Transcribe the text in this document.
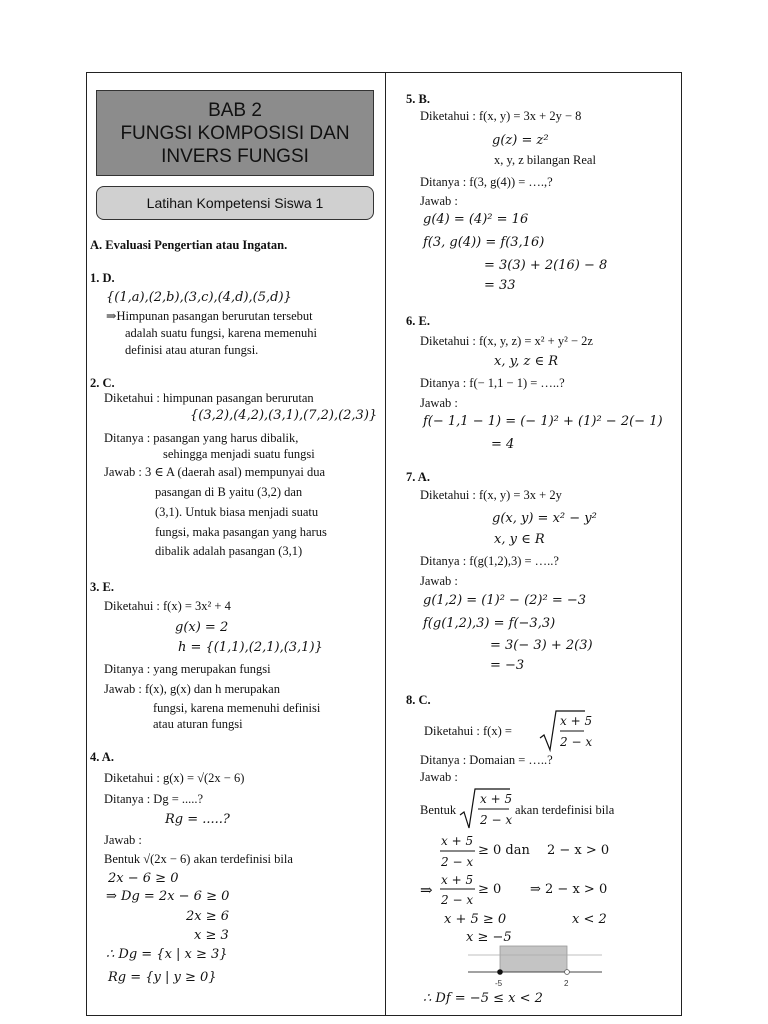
BAB 2
FUNGSI KOMPOSISI DAN
INVERS FUNGSI
Latihan Kompetensi Siswa 1
A. Evaluasi Pengertian atau Ingatan.
1. D.
{(1,a),(2,b),(3,c),(4,d),(5,d)}
⇒Himpunan pasangan berurutan tersebut
adalah suatu fungsi, karena memenuhi
definisi atau aturan fungsi.
2. C.
Diketahui : himpunan pasangan berurutan
{(3,2),(4,2),(3,1),(7,2),(2,3)}
Ditanya : pasangan yang harus dibalik,
sehingga menjadi suatu fungsi
Jawab : 3 ∈ A (daerah asal) mempunyai dua
pasangan di B yaitu (3,2) dan
(3,1). Untuk biasa menjadi suatu
fungsi, maka pasangan yang harus
dibalik adalah pasangan (3,1)
3. E.
Diketahui : f(x) = 3x² + 4
g(x) = 2
h = {(1,1),(2,1),(3,1)}
Ditanya : yang merupakan fungsi
Jawab : f(x), g(x) dan h merupakan
fungsi, karena memenuhi definisi
atau aturan fungsi
4. A.
Diketahui : g(x) = √(2x − 6)
Ditanya : Dg = .....?
Rg = .....?
Jawab :
Bentuk √(2x − 6) akan terdefinisi bila
2x − 6 ≥ 0
⇒ Dg = 2x − 6 ≥ 0
2x ≥ 6
x ≥ 3
∴ Dg = {x | x ≥ 3}
Rg = {y | y ≥ 0}
5. B.
Diketahui : f(x, y) = 3x + 2y − 8
g(z) = z²
x, y, z bilangan Real
Ditanya : f(3, g(4)) = ….,?
Jawab :
g(4) = (4)² = 16
f(3, g(4)) = f(3,16)
= 3(3) + 2(16) − 8
= 33
6. E.
Diketahui : f(x, y, z) = x² + y² − 2z
x, y, z ∈ R
Ditanya : f(− 1,1 − 1) = …..?
Jawab :
f(− 1,1 − 1) = (− 1)² + (1)² − 2(− 1)
= 4
7. A.
Diketahui : f(x, y) = 3x + 2y
g(x, y) = x² − y²
x, y ∈ R
Ditanya : f(g(1,2),3) = …..?
Jawab :
g(1,2) = (1)² − (2)² = −3
f(g(1,2),3) = f(−3,3)
= 3(− 3) + 2(3)
= −3
8. C.
Diketahui : f(x) =
x + 5
2 − x
Ditanya : Domaian = …..?
Jawab :
Bentuk
x + 5
2 − x
akan terdefinisi bila
x + 5
2 − x
≥ 0 dan 2 − x > 0
⇒
x + 5
2 − x
≥ 0 ⇒ 2 − x > 0
x + 5 ≥ 0	x < 2
x ≥ −5
-5	2
∴ Df = −5 ≤ x < 2
